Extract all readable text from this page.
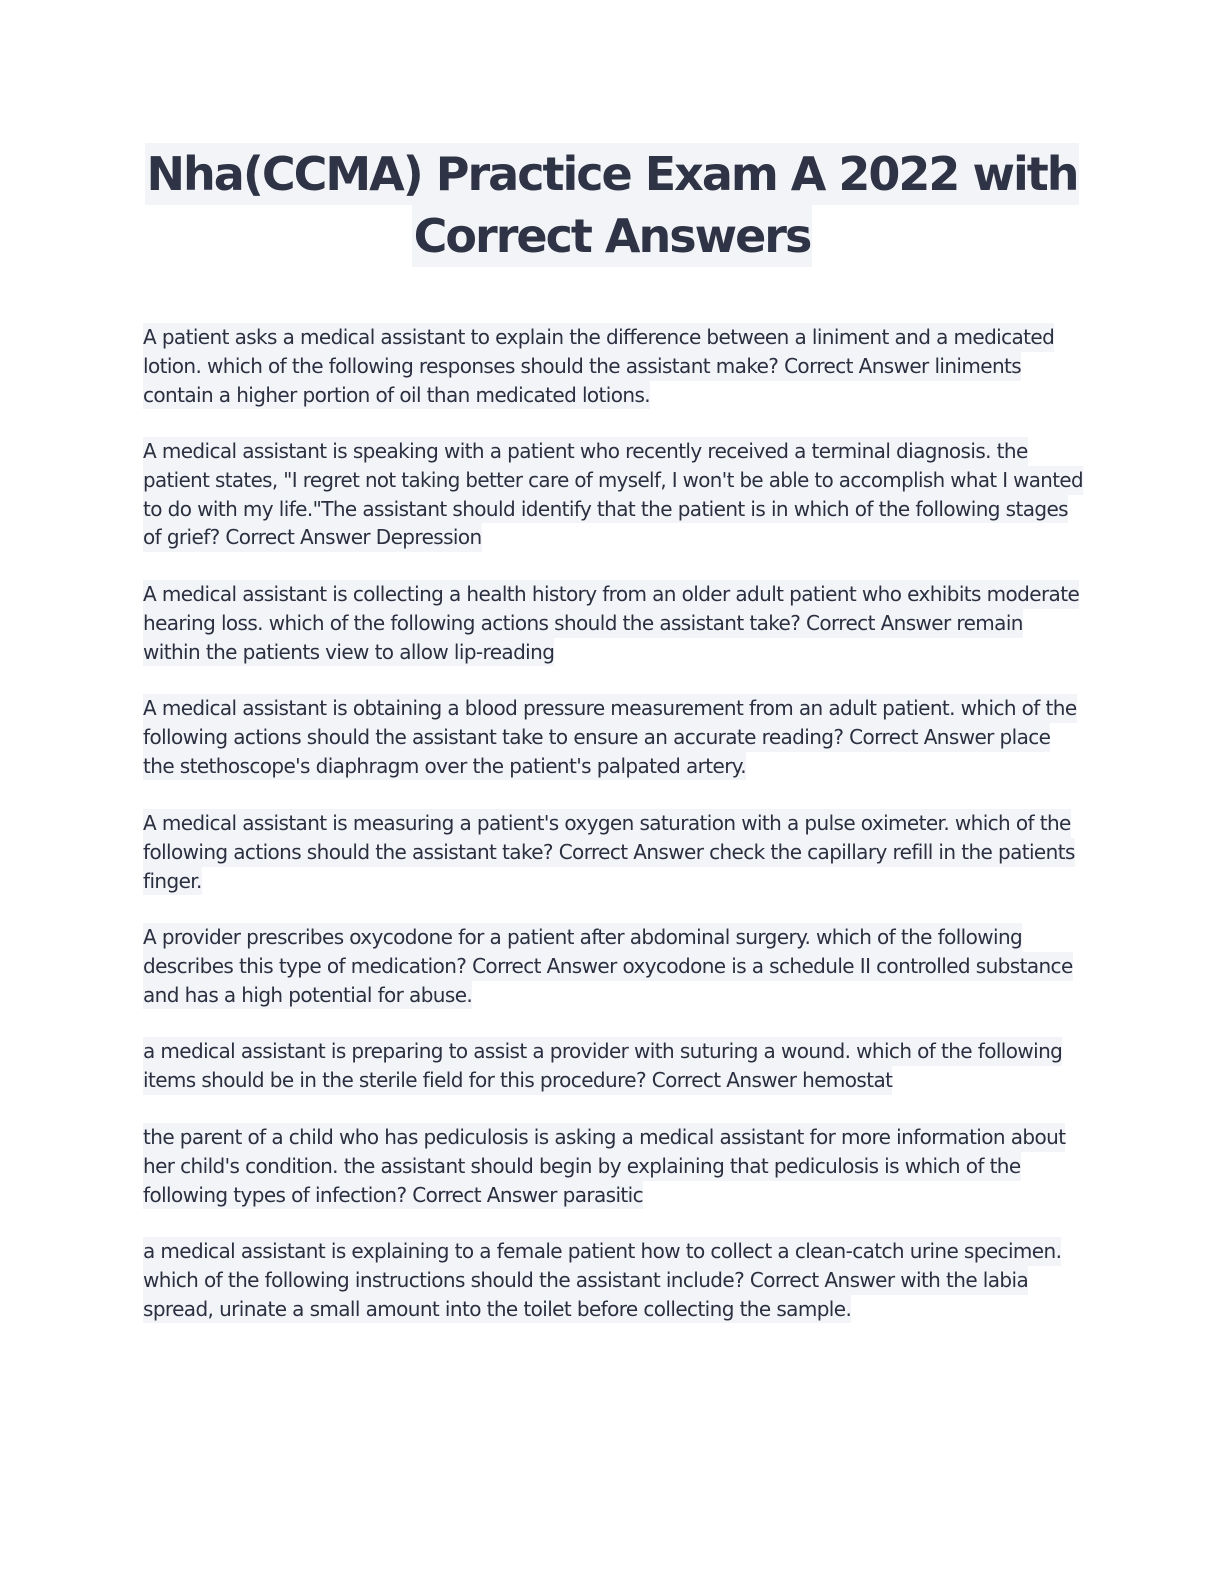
Nha(CCMA) Practice Exam A 2022 with
Correct Answers
A patient asks a medical assistant to explain the difference between a liniment and a medicated
lotion. which of the following responses should the assistant make? Correct Answer liniments
contain a higher portion of oil than medicated lotions.
A medical assistant is speaking with a patient who recently received a terminal diagnosis. the
patient states, "I regret not taking better care of myself, I won't be able to accomplish what I wanted
to do with my life."The assistant should identify that the patient is in which of the following stages
of grief? Correct Answer Depression
A medical assistant is collecting a health history from an older adult patient who exhibits moderate
hearing loss. which of the following actions should the assistant take? Correct Answer remain
within the patients view to allow lip-reading
A medical assistant is obtaining a blood pressure measurement from an adult patient. which of the
following actions should the assistant take to ensure an accurate reading? Correct Answer place
the stethoscope's diaphragm over the patient's palpated artery.
A medical assistant is measuring a patient's oxygen saturation with a pulse oximeter. which of the
following actions should the assistant take? Correct Answer check the capillary refill in the patients
finger.
A provider prescribes oxycodone for a patient after abdominal surgery. which of the following
describes this type of medication? Correct Answer oxycodone is a schedule II controlled substance
and has a high potential for abuse.
a medical assistant is preparing to assist a provider with suturing a wound. which of the following
items should be in the sterile field for this procedure? Correct Answer hemostat
the parent of a child who has pediculosis is asking a medical assistant for more information about
her child's condition. the assistant should begin by explaining that pediculosis is which of the
following types of infection? Correct Answer parasitic
a medical assistant is explaining to a female patient how to collect a clean-catch urine specimen.
which of the following instructions should the assistant include? Correct Answer with the labia
spread, urinate a small amount into the toilet before collecting the sample.
